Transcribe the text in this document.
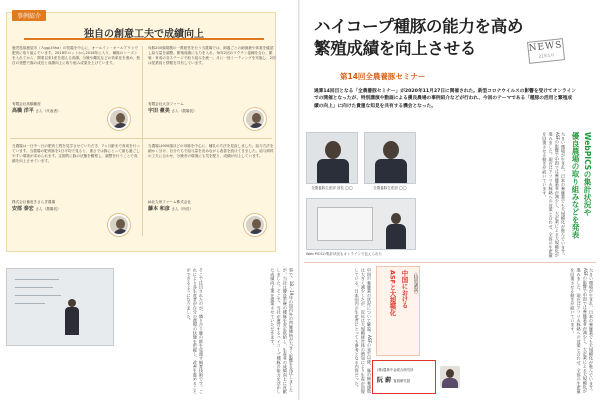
事例紹介
独自の創意工夫で成績向上
鹿児島県鹿屋市（Ａggは5ha）の牧場を中心に、オールイン・オールアウトで肥育に取り組んでいます。2018年ロットから2018年に入り、種豚のシーズンを入れてから、開業以来1産を超える成績。分娩や離乳などの効率化を進め、独自の発想で豚の成長と成績向上に取り組み成果を上げています。
有限会社高橋畜産
高橋 洋平 さん（代表者）
母豚200頭規模の一貫経営を行う当農場では、飼養ごとの細菌叢や体重を確認し給与量を調整。繁殖成績にも力を入れ、毎年2回のワクチン接種を含む、繁殖・育成の各ステージで取り組みを統一。月に一回ミーティングを実施し、2回は従業員と情報を共有しています。
有限会社大谷ファーム
宇田 豪美 さん（農場長）
当農場は一日中～日の肥育工程を見学させていただき、7ヵ月齢まで育成を行っています。当農場の肥育豚を1日平均で見ると、重さでは豚にとって最も過ごしやすい環境が求められます。定期的に豚の状態を観察し、調整を行うことで成績を向上させています。
株式会社畜産きさらぎ農場
安部 泰宏 さん（農場長）
当農場は900頭ほどの母豚を中心に、哺乳の方法を見直しました。給与方法を細かく分け、自分たちで給与量を決めながら改善を続けてきました。給与飼料の工夫に合わせ、分娩舎の環境にも気を配り、成績が向上しています。
JA北九州ファーム株式会社
藤本 和彦 さん（所長）
事で、18～19年の国内外の肉豚価格が大きく影響を及ぼしましたが、当社は優良系統の種豚を安定供給し、生産者の成績向上に貢献しました。そこで、当社が運営するハイコープ種豚の能力を活かした成績向上策を提案させていただきます。
そこで注目されたのが、隣り合う豚の群を見渡す飼育技術です。これにより各生産者が自分の農場の状態を把握し、改善を進めることができるようになりました。
ハイコープ種豚の能力を高め
繁殖成績を向上させる	NEWS
21年1月
第14回全農養豚セミナー
通算14回目となる「全農養豚セミナー」が2020年11月27日に開催された。新型コロナウイルスの影響を受けてオンラインでの開催となったが、特別講演や動画による優良農場の事例紹介などが行われ、今回のテーマである「種豚の活用と繁殖成績の向上」に向けた貴重な知見を共有する機会となった。
全農養豚生産部 部長 ◯◯	全農養豚生産部 ◯◯
Web PICSの集計状況もオンラインで伝えられた
WebPICSの集計状況や
優良農場の取り組みなどを発表
大きい環境が生まれ、日本の養豚業でも大規模化が進んでいます。ASFの影響で中国では養豚業者が減少し、大企業による大規模化が進みました。現在はアフリカ豚熱への対策と合わせ、全体の生産量を回復させる動きが続いています。
中国の養豚業の状況について解説。ASFの発生以降、豚の飼養頭数は大きく減少したが、近年は大規模経営体の増加により生産が回復している。日本国内の生産者にとっても参考となる内容だった。	〈特別講演〉
中国における
ASFと大規模化
(株)農林中金総合研究所
阮 蔚 客員研究員	大きい環境が生まれ、日本の養豚業でも大規模化が進んでいます。ASFの影響で中国では養豚業者が減少し、大企業による大規模化が進みました。現在はアフリカ豚熱への対策と合わせ、全体の生産量を回復させる動きが続いています。
